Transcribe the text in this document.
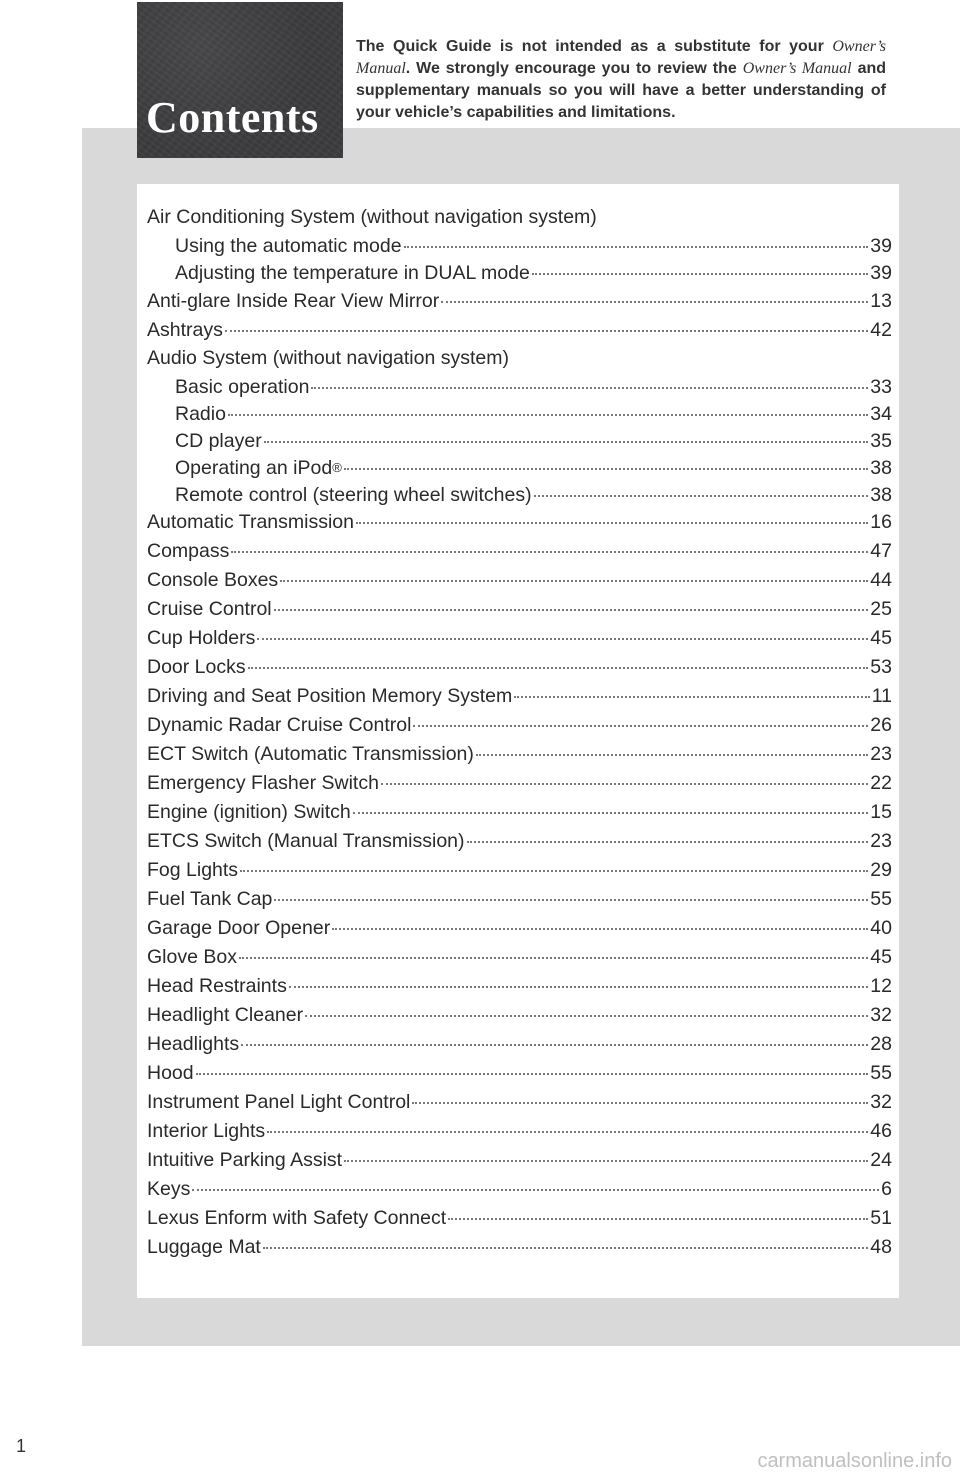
Contents
The Quick Guide is not intended as a substitute for your Owner’s Manual. We strongly encourage you to review the Owner’s Manual and supplementary manuals so you will have a better understanding of your vehicle’s capabilities and limitations.
Air Conditioning System (without navigation system)
Using the automatic mode	39
Adjusting the temperature in DUAL mode	39
Anti-glare Inside Rear View Mirror	13
Ashtrays	42
Audio System (without navigation system)
Basic operation	33
Radio	34
CD player	35
Operating an iPod®	38
Remote control (steering wheel switches)	38
Automatic Transmission	16
Compass	47
Console Boxes	44
Cruise Control	25
Cup Holders	45
Door Locks	53
Driving and Seat Position Memory System	11
Dynamic Radar Cruise Control	26
ECT Switch (Automatic Transmission)	23
Emergency Flasher Switch	22
Engine (ignition) Switch	15
ETCS Switch (Manual Transmission)	23
Fog Lights	29
Fuel Tank Cap	55
Garage Door Opener	40
Glove Box	45
Head Restraints	12
Headlight Cleaner	32
Headlights	28
Hood	55
Instrument Panel Light Control	32
Interior Lights	46
Intuitive Parking Assist	24
Keys	6
Lexus Enform with Safety Connect	51
Luggage Mat	48
1
carmanualsonline.info
